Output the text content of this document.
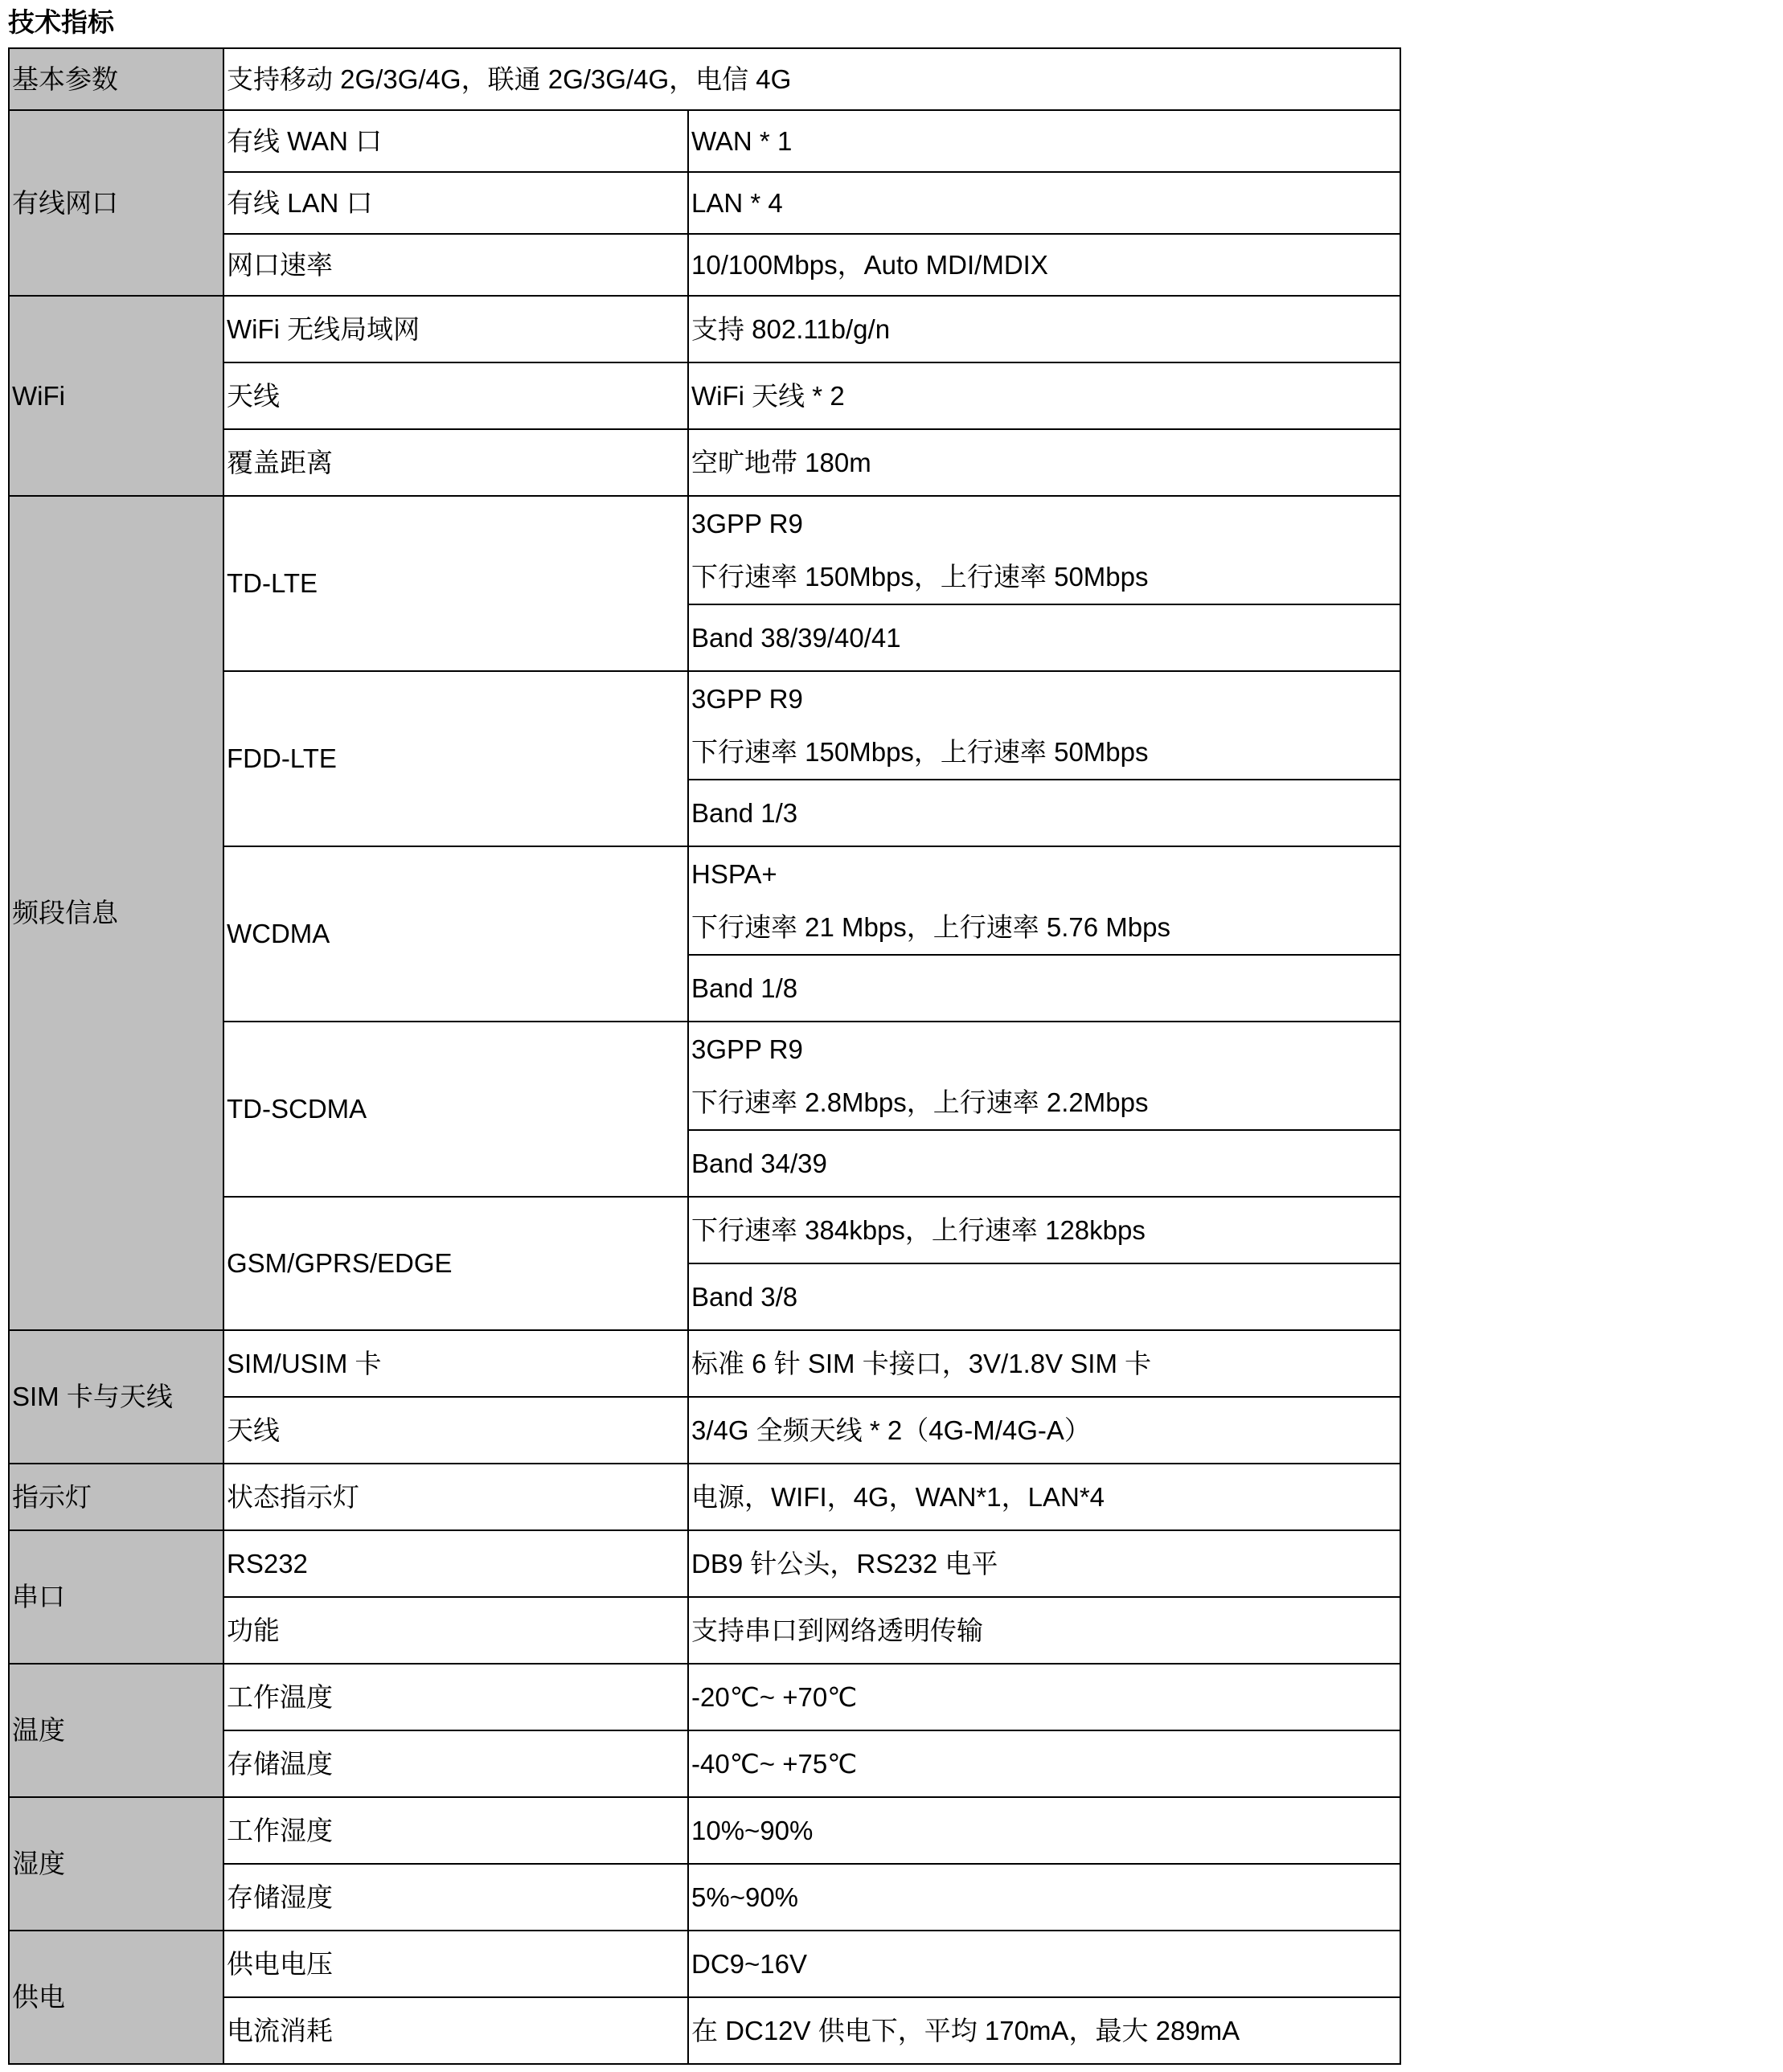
技术指标
基本参数	支持移动 2G/3G/4G，联通 2G/3G/4G，电信 4G	
有线网口	有线 WAN 口	WAN * 1
	有线 LAN 口	LAN * 4
	网口速率	10/100Mbps，Auto MDI/MDIX
WiFi	WiFi 无线局域网	支持 802.11b/g/n
	天线	WiFi 天线 * 2
	覆盖距离	空旷地带 180m
频段信息	TD-LTE	3GPP R9
下行速率 150Mbps，上行速率 50Mbps

		Band 38/39/40/41
	FDD-LTE	3GPP R9
下行速率 150Mbps，上行速率 50Mbps

		Band 1/3
	WCDMA	HSPA+
下行速率 21 Mbps，上行速率 5.76 Mbps

		Band 1/8
	TD-SCDMA	3GPP R9
下行速率 2.8Mbps，上行速率 2.2Mbps

		Band 34/39
	GSM/GPRS/EDGE	下行速率 384kbps，上行速率 128kbps
		Band 3/8
SIM 卡与天线	SIM/USIM 卡	标准 6 针 SIM 卡接口，3V/1.8V SIM 卡
	天线	3/4G 全频天线 * 2（4G-M/4G-A）
指示灯	状态指示灯	电源，WIFI，4G，WAN*1，LAN*4
串口	RS232	DB9 针公头，RS232 电平
	功能	支持串口到网络透明传输
温度	工作温度	-20℃~ +70℃
	存储温度	-40℃~ +75℃
湿度	工作湿度	10%~90%
	存储湿度	5%~90%
供电	供电电压	DC9~16V
	电流消耗	在 DC12V 供电下，平均 170mA，最大 289mA
